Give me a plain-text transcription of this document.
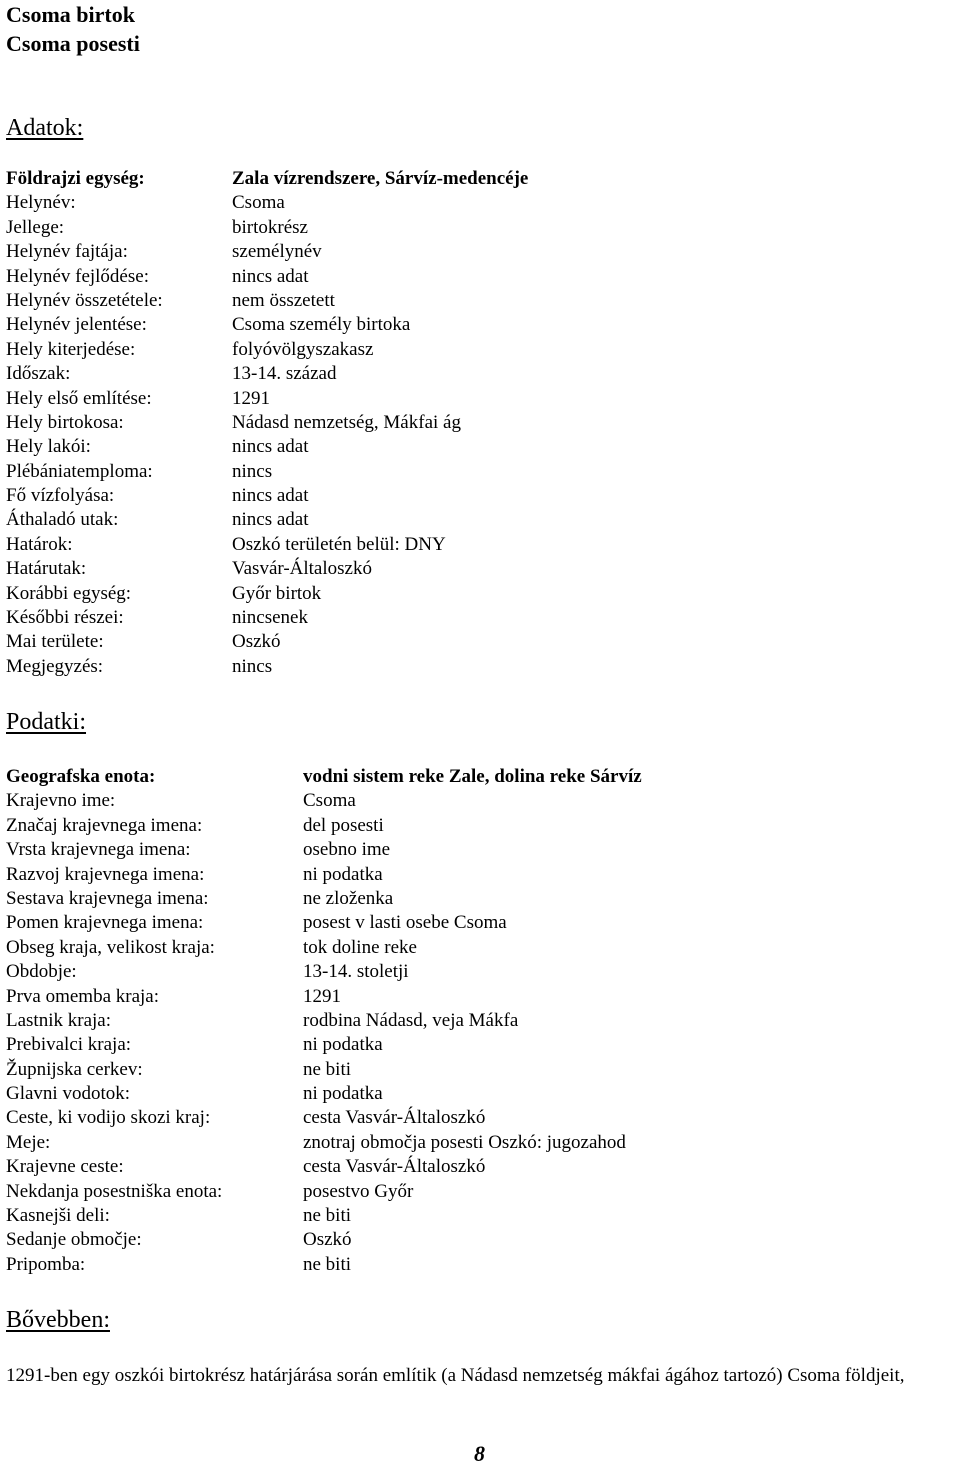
Csoma birtok
Csoma posesti
Adatok:
Földrajzi egység:	Zala vízrendszere, Sárvíz-medencéje
Helynév:	Csoma
Jellege:	birtokrész
Helynév fajtája:	személynév
Helynév fejlődése:	nincs adat
Helynév összetétele:	nem összetett
Helynév jelentése:	Csoma személy birtoka
Hely kiterjedése:	folyóvölgyszakasz
Időszak:	13-14. század
Hely első említése:	1291
Hely birtokosa:	Nádasd nemzetség, Mákfai ág
Hely lakói:	nincs adat
Plébániatemploma:	nincs
Fő vízfolyása:	nincs adat
Áthaladó utak:	nincs adat
Határok:	Oszkó területén belül: DNY
Határutak:	Vasvár-Általoszkó
Korábbi egység:	Győr birtok
Későbbi részei:	nincsenek
Mai területe:	Oszkó
Megjegyzés:	nincs
Podatki:
Geografska enota:	vodni sistem reke Zale, dolina reke Sárvíz
Krajevno ime:	Csoma
Značaj krajevnega imena:	del posesti
Vrsta krajevnega imena:	osebno ime
Razvoj krajevnega imena:	ni podatka
Sestava krajevnega imena:	ne zloženka
Pomen krajevnega imena:	posest v lasti osebe Csoma
Obseg kraja, velikost kraja:	tok doline reke
Obdobje:	13-14. stoletji
Prva omemba kraja:	1291
Lastnik kraja:	rodbina Nádasd, veja Mákfa
Prebivalci kraja:	ni podatka
Župnijska cerkev:	ne biti
Glavni vodotok:	ni podatka
Ceste, ki vodijo skozi kraj:	cesta Vasvár-Általoszkó
Meje:	znotraj območja posesti Oszkó: jugozahod
Krajevne ceste:	cesta Vasvár-Általoszkó
Nekdanja posestniška enota:	posestvo Győr
Kasnejši deli:	ne biti
Sedanje območje:	Oszkó
Pripomba:	ne biti
Bővebben:
1291-ben egy oszkói birtokrész határjárása során említik (a Nádasd nemzetség mákfai ágához tartozó) Csoma földjeit,
8
